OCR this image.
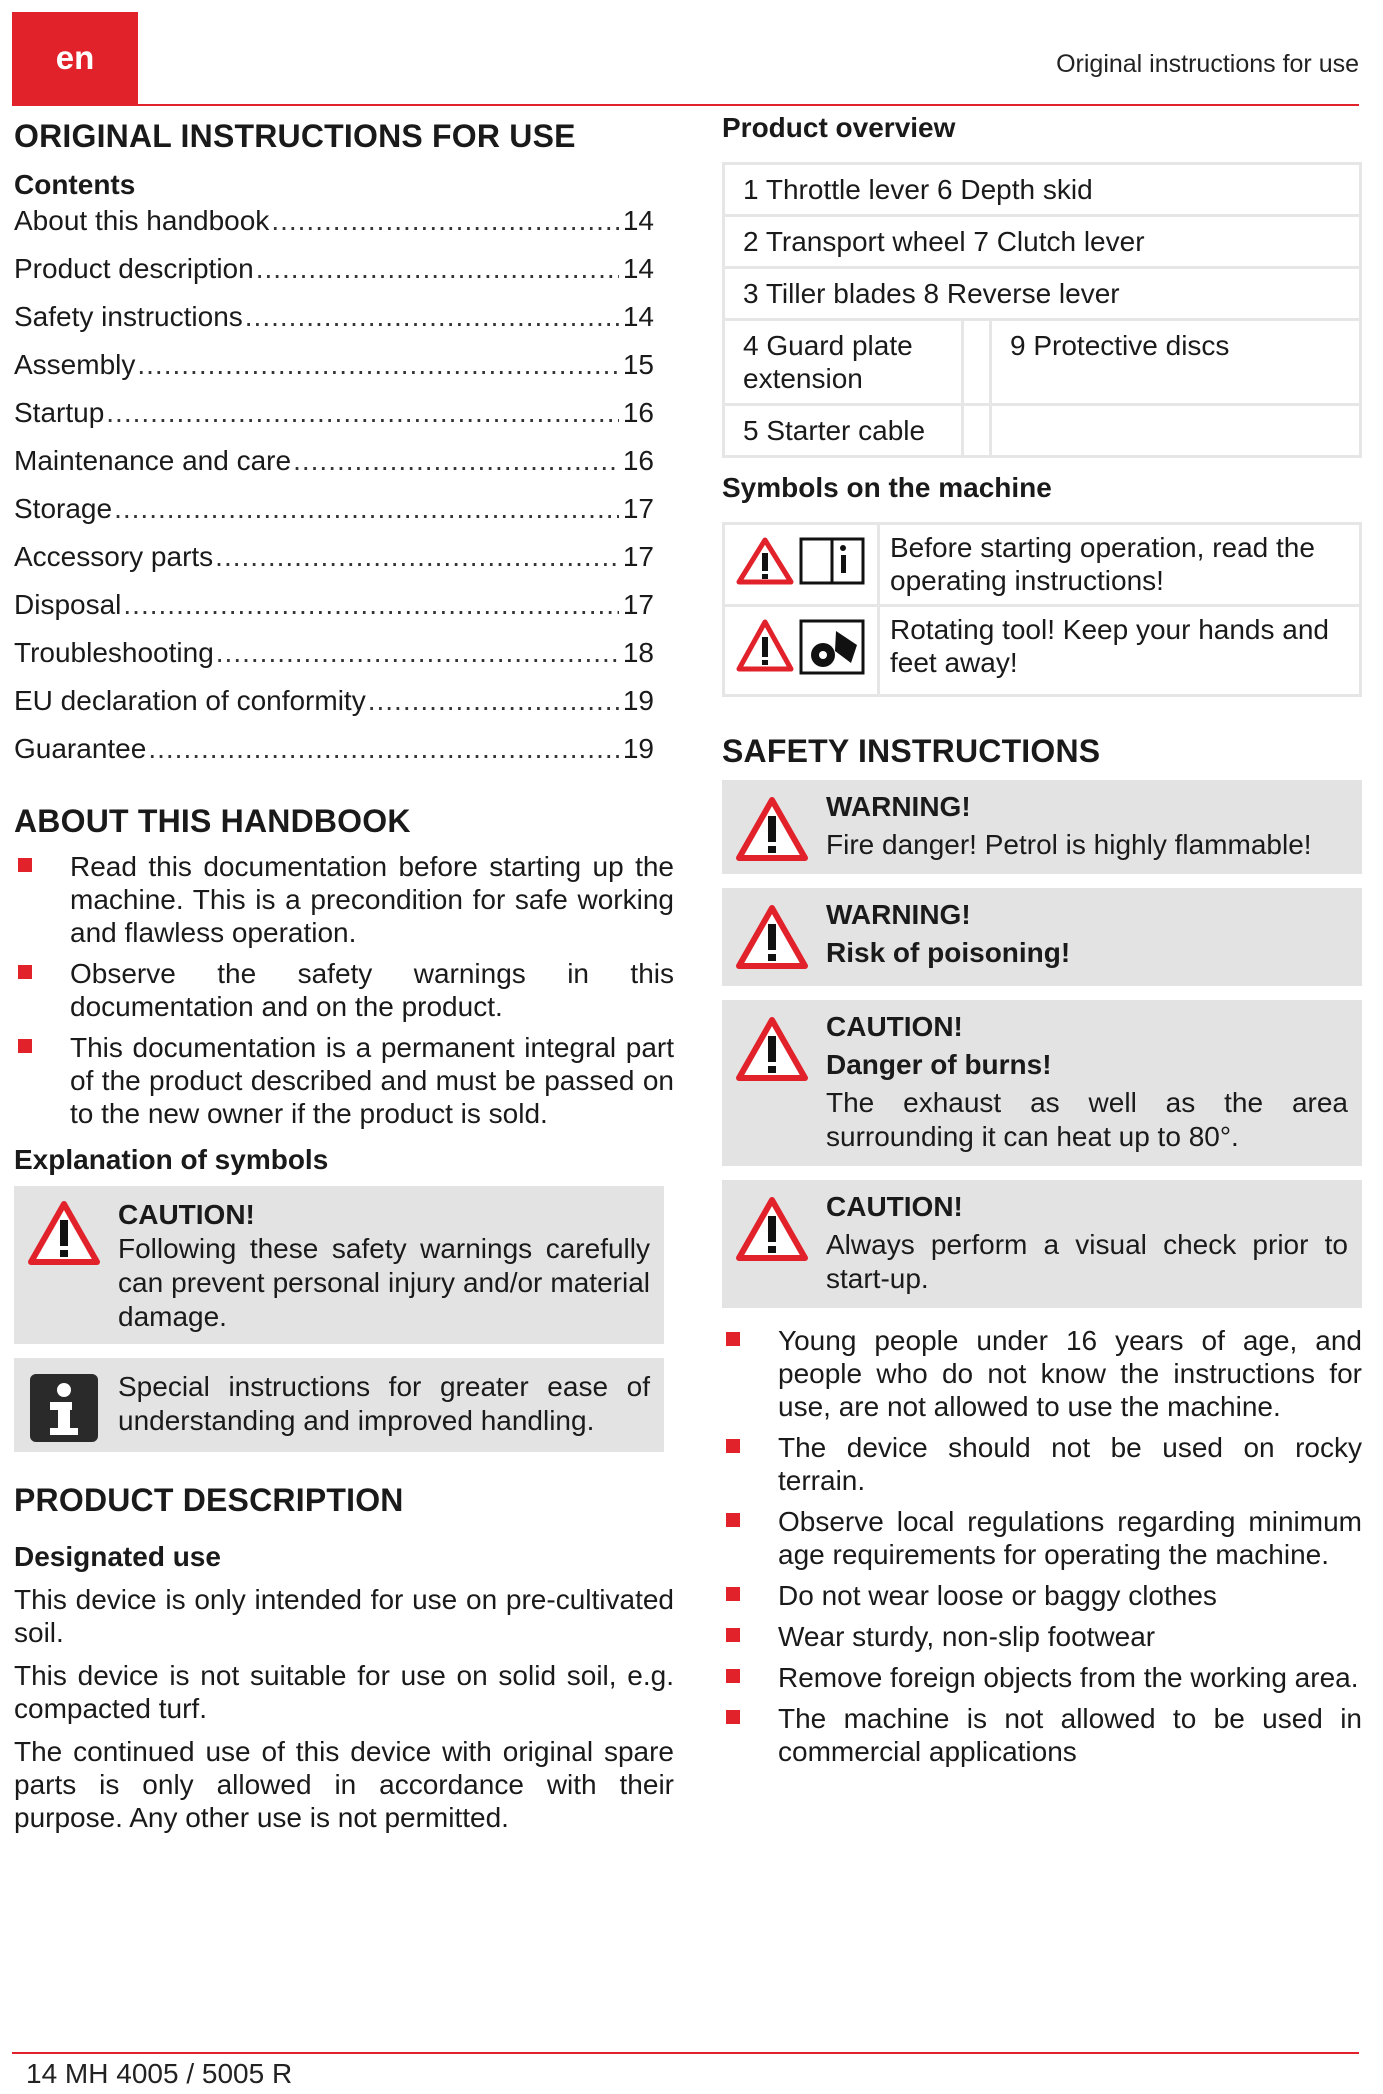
en	Original instructions for use
ORIGINAL INSTRUCTIONS FOR USE
Contents
About this handbook .....	14
Product description .....	14
Safety instructions .....	14
Assembly .....	15
Startup .....	16
Maintenance and care .....	16
Storage .....	17
Accessory parts .....	17
Disposal .....	17
Troubleshooting .....	18
EU declaration of conformity .....	19
Guarantee .....	19
ABOUT THIS HANDBOOK
Read this documentation before starting up the machine. This is a precondition for safe working and flawless operation.
Observe the safety warnings in this documentation and on the product.
This documentation is a permanent integral part of the product described and must be passed on to the new owner if the product is sold.
Explanation of symbols
CAUTION!
Following these safety warnings carefully can prevent personal injury and/or material damage.
Special instructions for greater ease of understanding and improved handling.
PRODUCT DESCRIPTION
Designated use

This device is only intended for use on pre-cultivated soil.

This device is not suitable for use on solid soil, e.g. compacted turf.

The continued use of this device with original spare parts is only allowed in accordance with their purpose. Any other use is not permitted.

Product overview
1 Throttle lever 6 Depth skid		
2 Transport wheel 7 Clutch lever		
3 Tiller blades 8 Reverse lever		
4 Guard plate extension		9 Protective discs
5 Starter cable		
Symbols on the machine
	Before starting operation, read the operating instructions!
	Rotating tool! Keep your hands and feet away!
SAFETY INSTRUCTIONS
WARNING!
Fire danger! Petrol is highly flammable!
WARNING!
Risk of poisoning!
CAUTION!
Danger of burns!
The exhaust as well as the area surrounding it can heat up to 80°.
CAUTION!
Always perform a visual check prior to start-up.
Young people under 16 years of age, and people who do not know the instructions for use, are not allowed to use the machine.
The device should not be used on rocky terrain.
Observe local regulations regarding minimum age requirements for operating the machine.
Do not wear loose or baggy clothes
Wear sturdy, non-slip footwear
Remove foreign objects from the working area.
The machine is not allowed to be used in commercial applications
14 MH 4005 / 5005 R
